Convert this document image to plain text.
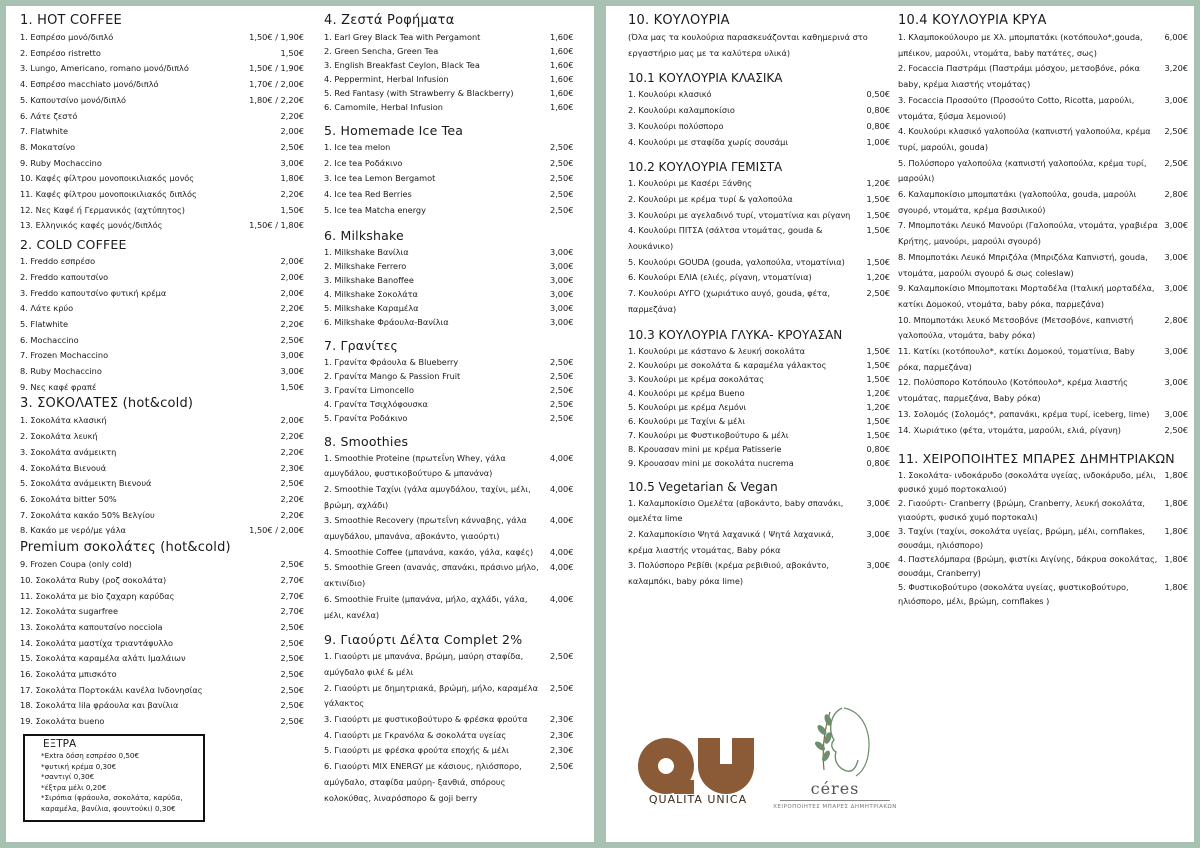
1. HOT COFFEE
1. Εσπρέσο μονό/διπλό	1,50€ / 1,90€
2. Εσπρέσο ristretto	1,50€
3. Lungo, Americano, romano μονό/διπλό	1,50€ / 1,90€
4. Εσπρέσο macchiato μονό/διπλό	1,70€ / 2,00€
5. Καπουτσίνο μονό/διπλό	1,80€ / 2,20€
6. Λάτε ζεστό	2,20€
7. Flatwhite	2,00€
8. Μοκατσίνο	2,50€
9. Ruby Mochaccino	3,00€
10. Καφές φίλτρου μονοποικιλιακός μονός	1,80€
11. Καφές φίλτρου μονοποικιλιακός διπλός	2,20€
12. Νες Καφέ ή Γερμανικός (αχτύπητος)	1,50€
13. Ελληνικός καφές μονός/διπλός	1,50€ / 1,80€
2. COLD COFFEE
1. Freddo εσπρέσο	2,00€
2. Freddo καπουτσίνο	2,00€
3. Freddo καπουτσίνο φυτική κρέμα	2,00€
4. Λάτε κρύο	2,20€
5. Flatwhite	2,20€
6. Mochaccino	2,50€
7. Frozen Mochaccino	3,00€
8. Ruby Mochaccino	3,00€
9. Νες καφέ φραπέ	1,50€
3. ΣΟΚΟΛΑΤΕΣ (hot&cold)
1. Σοκολάτα κλασική	2,00€
2. Σοκολάτα λευκή	2,20€
3. Σοκολάτα ανάμεικτη	2,20€
4. Σοκολάτα Βιενουά	2,30€
5. Σοκολάτα ανάμεικτη Βιενουά	2,50€
6. Σοκολάτα bitter 50%	2,20€
7. Σοκολάτα κακάο 50% Βελγίου	2,20€
8. Κακάο με νερό/με γάλα	1,50€ / 2,00€
Premium σοκολάτες (hot&cold)
9. Frozen Coupa (only cold)	2,50€
10. Σοκολάτα Ruby (ροζ σοκολάτα)	2,70€
11. Σοκολάτα με bio ζαχαρη καρύδας	2,70€
12. Σοκολάτα sugarfree	2,70€
13. Σοκολάτα καπουτσίνο nocciola	2,50€
14. Σοκολάτα μαστίχα τριαντάφυλλο	2,50€
15. Σοκολάτα καραμέλα αλάτι Ιμαλάιων	2,50€
16. Σοκολάτα μπισκότο	2,50€
17. Σοκολάτα Πορτοκάλι κανέλα Ινδονησίας	2,50€
18. Σοκολάτα lila φράουλα και βανίλια	2,50€
19. Σοκολάτα bueno	2,50€
ΕΞΤΡΑ
*Extra δόση εσπρέσο 0,50€
*φυτική κρέμα 0,30€
*σαντιγί 0,30€
*έξτρα μέλι 0,20€
*Σιρόπια (φράουλα, σοκολάτα, καρύδα,
καραμέλα, βανίλια, φουντούκι) 0,30€
4. Ζεστά Ροφήματα
1. Earl Grey Black Tea with Pergamont	1,60€
2. Green Sencha, Green Tea	1,60€
3. English Breakfast Ceylon, Black Tea	1,60€
4. Peppermint, Herbal Infusion	1,60€
5. Red Fantasy (with Strawberry & Blackberry)	1,60€
6. Camomile, Herbal Infusion	1,60€
5. Homemade Ice Tea
1. Ice tea melon	2,50€
2. Ice tea Ροδάκινο	2,50€
3. Ice tea Lemon Bergamot	2,50€
4. Ice tea Red Berries	2,50€
5. Ice tea Matcha energy	2,50€
6. Milkshake
1. Milkshake Βανίλια	3,00€
2. Milkshake Ferrero	3,00€
3. Milkshake Banoffee	3,00€
4. Milkshake Σοκολάτα	3,00€
5. Milkshake Καραμέλα	3,00€
6. Milkshake Φράουλα-Βανίλια	3,00€
7. Γρανίτες
1. Γρανίτα Φράουλα & Blueberry	2,50€
2. Γρανίτα Mango & Passion Fruit	2,50€
3. Γρανίτα Limoncello	2,50€
4. Γρανίτα Τσιχλόφουσκα	2,50€
5. Γρανίτα Ροδάκινο	2,50€
8. Smoothies
1. Smoothie Proteine (πρωτεΐνη Whey, γάλα αμυγδάλου, φυστικοβούτυρο & μπανάνα)
4,00€
2. Smoothie Ταχίνι (γάλα αμυγδάλου, ταχίνι, μέλι, βρώμη, αχλάδι)
4,00€
3. Smoothie Recovery (πρωτεΐνη κάνναβης, γάλα αμυγδάλου, μπανάνα, αβοκάντο, γιαούρτι)
4,00€
4. Smoothie Coffee (μπανάνα, κακάο, γάλα, καφές)	4,00€
5. Smoothie Green (ανανάς, σπανάκι, πράσινο μήλο, ακτινίδιο)
4,00€
6. Smoothie Fruite (μπανάνα, μήλο, αχλάδι, γάλα, μέλι, κανέλα)
4,00€
9. Γιαούρτι Δέλτα Complet 2%
1. Γιαούρτι με μπανάνα, βρώμη, μαύρη σταφίδα, αμύγδαλο φιλέ & μέλι
2,50€
2. Γιαούρτι με δημητριακά, βρώμη, μήλο, καραμέλα γάλακτος
2,50€
3. Γιαούρτι με φυστικοβούτυρο & φρέσκα φρούτα	2,30€
4. Γιαούρτι με Γκρανόλα & σοκολάτα υγείας	2,30€
5. Γιαούρτι με φρέσκα φρούτα εποχής & μέλι	2,30€
6. Γιαούρτι MIX ENERGY με κάσιους, ηλιόσπορο, αμύγδαλο, σταφίδα μαύρη- ξανθιά, σπόρους κολοκύθας, λιναρόσπορο & goji berry
2,50€
10. ΚΟΥΛΟΥΡΙΑ
(Όλα μας τα κουλούρια παρασκευάζονται καθημερινά στο εργαστήριο μας με τα καλύτερα υλικά)
10.1 ΚΟΥΛΟΥΡΙΑ ΚΛΑΣΙΚΑ
1. Κουλούρι κλασικό	0,50€
2. Κουλούρι καλαμποκίσιο	0,80€
3. Κουλούρι πολύσπορο	0,80€
4. Κουλούρι με σταφίδα χωρίς σουσάμι	1,00€
10.2 ΚΟΥΛΟΥΡΙΑ ΓΕΜΙΣΤΑ
1. Κουλούρι με Κασέρι Ξάνθης	1,20€
2. Κουλούρι με κρέμα τυρί & γαλοπούλα	1,50€
3. Κουλούρι με αγελαδινό τυρί, ντοματίνια και ρίγανη	1,50€
4. Κουλούρι ΠΙΤΣΑ (σάλτσα ντομάτας, gouda & λουκάνικο)
1,50€
5. Κουλούρι GOUDA (gouda, γαλοπούλα, ντοματίνια)	1,50€
6. Κουλούρι ΕΛΙΑ (ελιές, ρίγανη, ντοματίνια)	1,20€
7. Κουλούρι ΑΥΓΟ (χωριάτικο αυγό, gouda, φέτα, παρμεζάνα)
2,50€
10.3 ΚΟΥΛΟΥΡΙΑ ΓΛΥΚΑ- ΚΡΟΥΑΣΑΝ
1. Κουλούρι με κάστανο & λευκή σοκολάτα	1,50€
2. Κουλούρι με σοκολάτα & καραμέλα γάλακτος	1,50€
3. Κουλούρι με κρέμα σοκολάτας	1,50€
4. Κουλούρι με κρέμα Bueno	1,20€
5. Κουλούρι με κρέμα Λεμόνι	1,20€
6. Κουλούρι με Ταχίνι & μέλι	1,50€
7. Κουλούρι με Φυστικοβούτυρο & μέλι	1,50€
8. Κρουασαν mini με κρέμα Patisserie	0,80€
9. Κρουασαν mini με σοκολάτα nucrema	0,80€
10.5 Vegetarian & Vegan
1. Καλαμποκίσιο Ομελέτα (αβοκάντο, baby σπανάκι, ομελέτα lime
3,00€
2. Καλαμποκίσιο Ψητά λαχανικά ( Ψητά λαχανικά, κρέμα λιαστής ντομάτας, Baby ρόκα
3,00€
3. Πολύσπορο Ρεβίθι (κρέμα ρεβιθιού, αβοκάντο, καλαμπόκι, baby ρόκα lime)
3,00€
QUALITA UNICA
céres
ΧΕΙΡΟΠΟΙΗΤΕΣ ΜΠΑΡΕΣ ΔΗΜΗΤΡΙΑΚΩΝ
10.4 ΚΟΥΛΟΥΡΙΑ ΚΡΥΑ
1. Κλαμποκούλουρο με Χλ. μπομπατάκι (κοτόπουλο*,gouda, μπέικον, μαρούλι, ντομάτα, baby πατάτες, σως)
6,00€
2. Focaccia Παστράμι (Παστράμι μόσχου, μετσοβόνε, ρόκα baby, κρέμα λιαστής ντομάτας)
3,20€
3. Focaccia Προσούτο (Προσούτο Cotto, Ricotta, μαρούλι, ντομάτα, ξύσμα λεμονιού)
3,00€
4. Κουλούρι κλασικό γαλοπούλα (καπνιστή γαλοπούλα, κρέμα τυρί, μαρούλι, gouda)
2,50€
5. Πολύσπορο γαλοπούλα (καπνιστή γαλοπούλα, κρέμα τυρί, μαρούλι)
2,50€
6. Καλαμποκίσιο μπομπατάκι (γαλοπούλα, gouda, μαρούλι σγουρό, ντομάτα, κρέμα βασιλικού)
2,80€
7. Μπομποτάκι Λευκό Μανούρι (Γαλοπούλα, ντομάτα, γραβιέρα Κρήτης, μανούρι, μαρούλι σγουρό)
3,00€
8. Μπομποτάκι Λευκό Μπριζόλα (Μπριζόλα Καπνιστή, gouda, ντομάτα, μαρούλι σγουρό & σως coleslaw)
3,00€
9. Καλαμποκίσιο Μπομποτακι Μορταδέλα (Ιταλική μορταδέλα, κατίκι Δομοκού, ντομάτα, baby ρόκα, παρμεζάνα)
3,00€
10. Μπομποτάκι λευκό Μετσοβόνε (Μετσοβόνε, καπνιστή γαλοπούλα, ντομάτα, baby ρόκα)
2,80€
11. Κατίκι (κοτόπουλο*, κατίκι Δομοκού, τοματίνια, Baby ρόκα, παρμεζάνα)
3,00€
12. Πολύσπορο Κοτόπουλο (Κοτόπουλο*, κρέμα λιαστής ντομάτας, παρμεζάνα, Baby ρόκα)
3,00€
13. Σολομός (Σολομός*, ραπανάκι, κρέμα τυρί, iceberg, lime)	3,00€
14. Χωριάτικο (φέτα, ντομάτα, μαρούλι, ελιά, ρίγανη)	2,50€
11. ΧΕΙΡΟΠΟΙΗΤΕΣ ΜΠΑΡΕΣ ΔΗΜΗΤΡΙΑΚΩΝ
1. Σοκολάτα- ινδοκάρυδο (σοκολάτα υγείας, ινδοκάρυδο, μέλι, φυσικό χυμό πορτοκαλιού)
1,80€
2. Γιαούρτι- Cranberry (βρώμη, Cranberry, λευκή σοκολάτα, γιαούρτι, φυσικό χυμό πορτοκαλι)
1,80€
3. Ταχίνι (ταχίνι, σοκολάτα υγείας, βρώμη, μέλι, cornflakes, σουσάμι, ηλιόσπορο)
1,80€
4. Παστελόμπαρα (βρώμη, φιστίκι Αιγίνης, δάκρυα σοκολάτας, σουσάμι, Cranberry)
1,80€
5. Φυστικοβούτυρο (σοκολάτα υγείας, φυστικοβούτυρο, ηλιόσπορο, μέλι, βρώμη, cornflakes )
1,80€
